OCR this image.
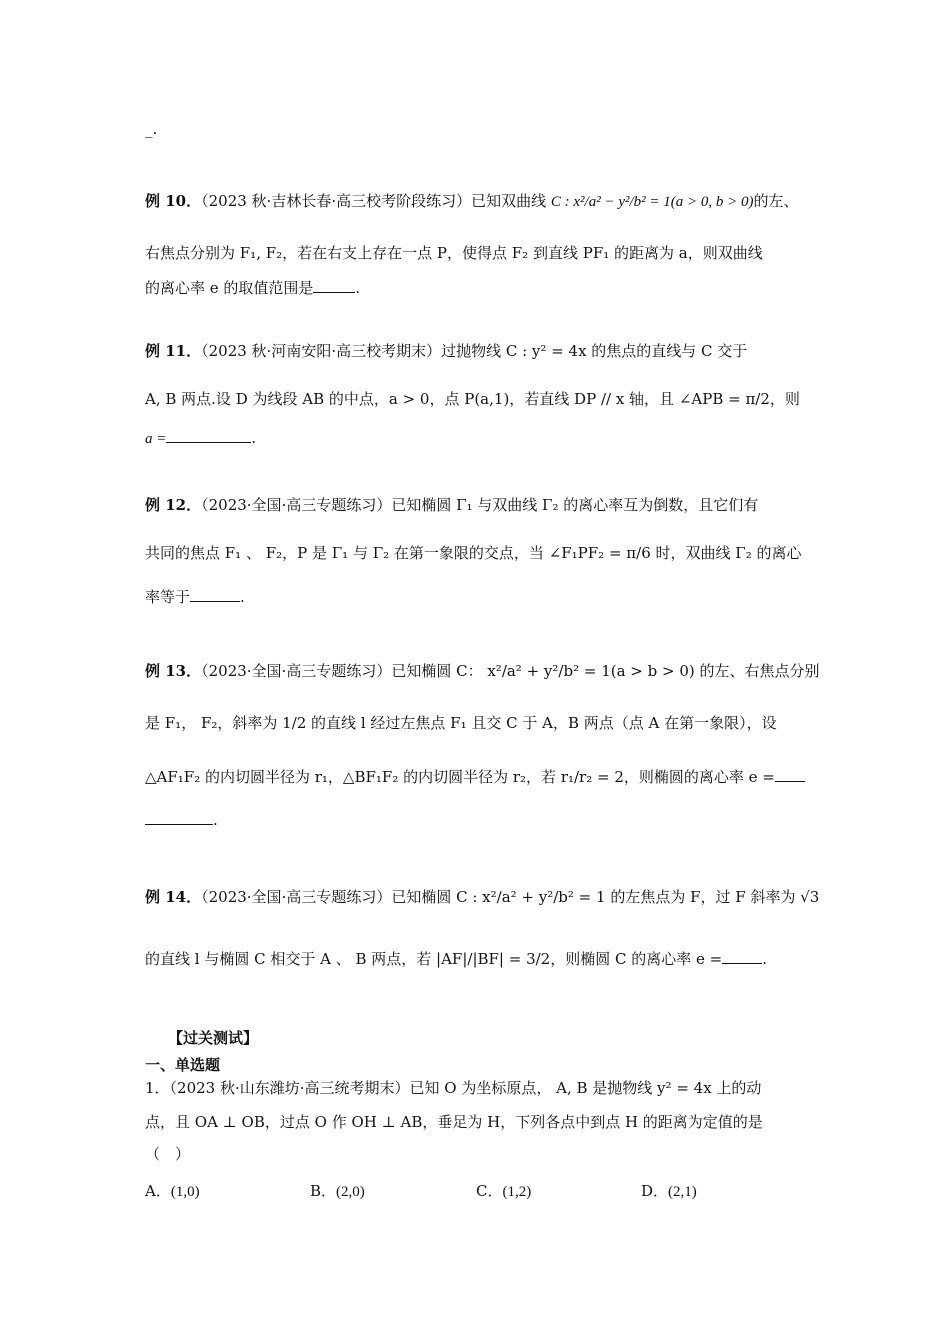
_.
例 10．（2023 秋·吉林长春·高三校考阶段练习）已知双曲线 C : x²/a² − y²/b² = 1(a > 0, b > 0)的左、
右焦点分别为 F₁, F₂，若在右支上存在一点 P，使得点 F₂ 到直线 PF₁ 的距离为 a，则双曲线
的离心率 e 的取值范围是	.
例 11．（2023 秋·河南安阳·高三校考期末）过抛物线 C : y² = 4x 的焦点的直线与 C 交于
A, B 两点.设 D 为线段 AB 的中点，a > 0，点 P(a,1)，若直线 DP // x 轴，且 ∠APB = π/2，则
a =	.
例 12．（2023·全国·高三专题练习）已知椭圆 Γ₁ 与双曲线 Γ₂ 的离心率互为倒数，且它们有
共同的焦点 F₁ 、 F₂，P 是 Γ₁ 与 Γ₂ 在第一象限的交点，当 ∠F₁PF₂ = π/6 时，双曲线 Γ₂ 的离心
率等于	.
例 13．（2023·全国·高三专题练习）已知椭圆 C： x²/a² + y²/b² = 1(a > b > 0) 的左、右焦点分别
是 F₁， F₂，斜率为 1/2 的直线 l 经过左焦点 F₁ 且交 C 于 A，B 两点（点 A 在第一象限），设
△AF₁F₂ 的内切圆半径为 r₁，△BF₁F₂ 的内切圆半径为 r₂，若 r₁/r₂ = 2，则椭圆的离心率 e =
.
例 14．（2023·全国·高三专题练习）已知椭圆 C : x²/a² + y²/b² = 1 的左焦点为 F，过 F 斜率为 √3
的直线 l 与椭圆 C 相交于 A 、 B 两点，若 |AF|/|BF| = 3/2，则椭圆 C 的离心率 e =	.
【过关测试】
一、单选题
1．（2023 秋·山东潍坊·高三统考期末）已知 O 为坐标原点， A, B 是抛物线 y² = 4x 上的动
点，且 OA ⊥ OB，过点 O 作 OH ⊥ AB，垂足为 H，下列各点中到点 H 的距离为定值的是
（　）
A．(1,0)	B．(2,0)	C．(1,2)	D．(2,1)
